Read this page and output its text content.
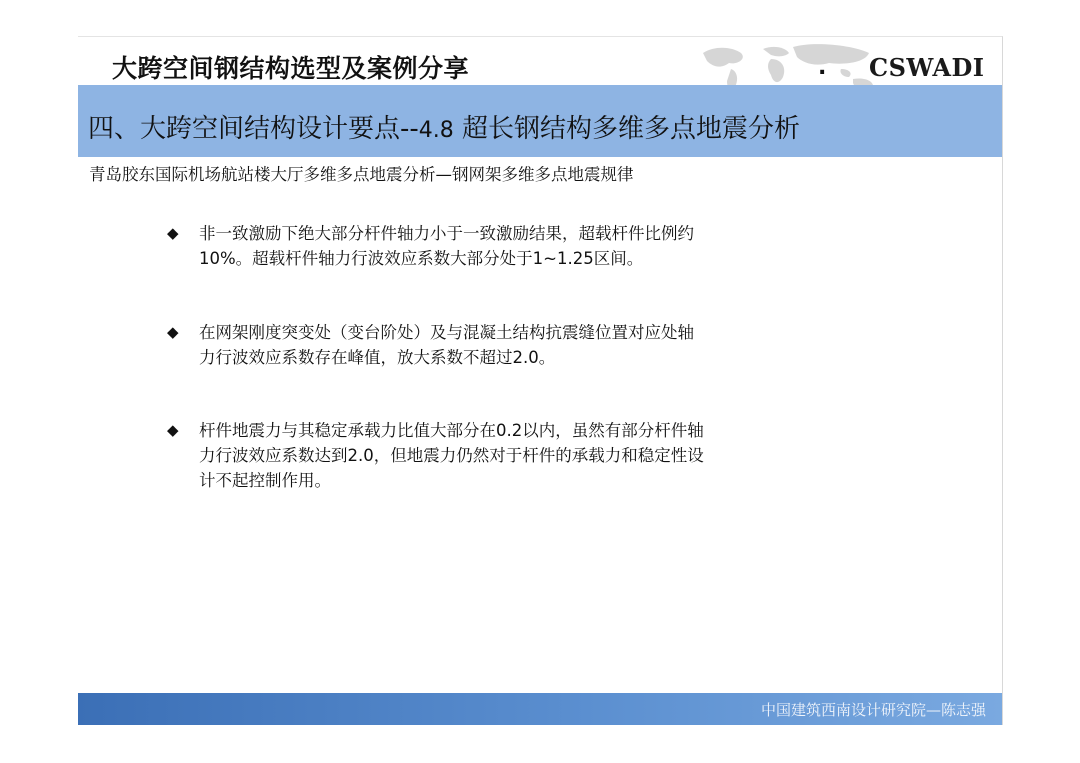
大跨空间钢结构选型及案例分享	. CSWADI
四、大跨空间结构设计要点--4.8 超长钢结构多维多点地震分析
青岛胶东国际机场航站楼大厅多维多点地震分析—钢网架多维多点地震规律
◆ 非一致激励下绝大部分杆件轴力小于一致激励结果，超载杆件比例约
10%。超载杆件轴力行波效应系数大部分处于1~1.25区间。
◆ 在网架刚度突变处（变台阶处）及与混凝土结构抗震缝位置对应处轴
力行波效应系数存在峰值，放大系数不超过2.0。
◆ 杆件地震力与其稳定承载力比值大部分在0.2以内，虽然有部分杆件轴
力行波效应系数达到2.0，但地震力仍然对于杆件的承载力和稳定性设
计不起控制作用。
中国建筑西南设计研究院—陈志强
